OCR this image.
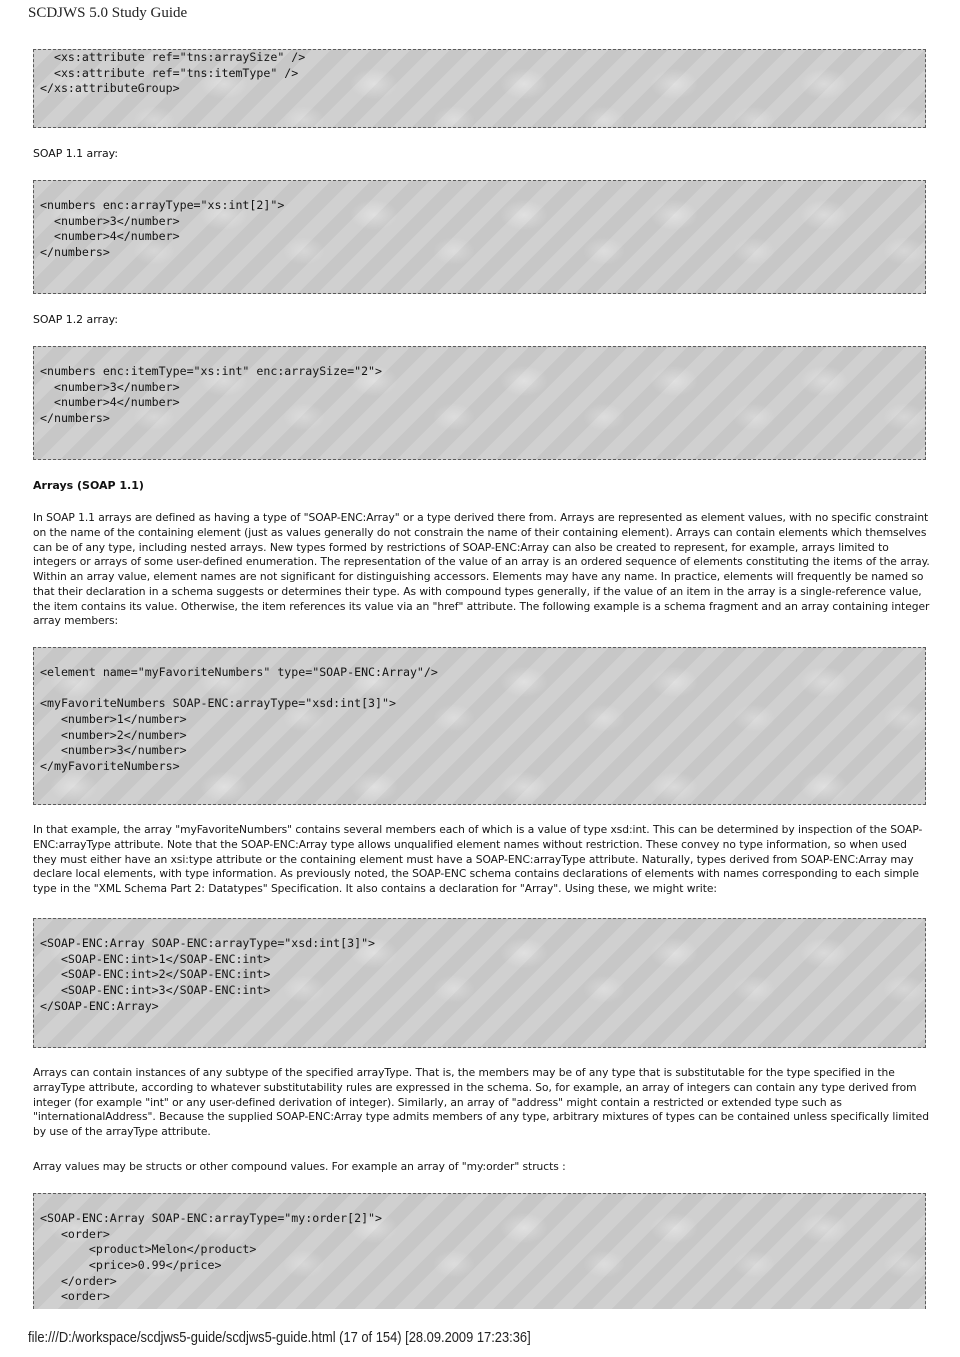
SCDJWS 5.0 Study Guide
<xs:attribute ref="tns:arraySize" />
<xs:attribute ref="tns:itemType" />
</xs:attributeGroup>
SOAP 1.1 array:
<numbers enc:arrayType="xs:int[2]">
<number>3</number>
<number>4</number>
</numbers>
SOAP 1.2 array:
<numbers enc:itemType="xs:int" enc:arraySize="2">
<number>3</number>
<number>4</number>
</numbers>
Arrays (SOAP 1.1)
In SOAP 1.1 arrays are defined as having a type of "SOAP-ENC:Array" or a type derived there from. Arrays are represented as element values, with no specific constraint on the name of the containing element (just as values generally do not constrain the name of their containing element). Arrays can contain elements which themselves can be of any type, including nested arrays. New types formed by restrictions of SOAP-ENC:Array can also be created to represent, for example, arrays limited to integers or arrays of some user-defined enumeration. The representation of the value of an array is an ordered sequence of elements constituting the items of the array. Within an array value, element names are not significant for distinguishing accessors. Elements may have any name. In practice, elements will frequently be named so that their declaration in a schema suggests or determines their type. As with compound types generally, if the value of an item in the array is a single-reference value, the item contains its value. Otherwise, the item references its value via an "href" attribute. The following example is a schema fragment and an array containing integer array members:
<element name="myFavoriteNumbers" type="SOAP-ENC:Array"/>
<myFavoriteNumbers SOAP-ENC:arrayType="xsd:int[3]">
<number>1</number>
<number>2</number>
<number>3</number>
</myFavoriteNumbers>
In that example, the array "myFavoriteNumbers" contains several members each of which is a value of type xsd:int. This can be determined by inspection of the SOAP-ENC:arrayType attribute. Note that the SOAP-ENC:Array type allows unqualified element names without restriction. These convey no type information, so when used they must either have an xsi:type attribute or the containing element must have a SOAP-ENC:arrayType attribute. Naturally, types derived from SOAP-ENC:Array may declare local elements, with type information. As previously noted, the SOAP-ENC schema contains declarations of elements with names corresponding to each simple type in the "XML Schema Part 2: Datatypes" Specification. It also contains a declaration for "Array". Using these, we might write:
<SOAP-ENC:Array SOAP-ENC:arrayType="xsd:int[3]">
<SOAP-ENC:int>1</SOAP-ENC:int>
<SOAP-ENC:int>2</SOAP-ENC:int>
<SOAP-ENC:int>3</SOAP-ENC:int>
</SOAP-ENC:Array>
Arrays can contain instances of any subtype of the specified arrayType. That is, the members may be of any type that is substitutable for the type specified in the arrayType attribute, according to whatever substitutability rules are expressed in the schema. So, for example, an array of integers can contain any type derived from integer (for example "int" or any user-defined derivation of integer). Similarly, an array of "address" might contain a restricted or extended type such as "internationalAddress". Because the supplied SOAP-ENC:Array type admits members of any type, arbitrary mixtures of types can be contained unless specifically limited by use of the arrayType attribute.
Array values may be structs or other compound values. For example an array of "my:order" structs :
<SOAP-ENC:Array SOAP-ENC:arrayType="my:order[2]">
<order>
<product>Melon</product>
<price>0.99</price>
</order>
<order>
file:///D:/workspace/scdjws5-guide/scdjws5-guide.html (17 of 154) [28.09.2009 17:23:36]
